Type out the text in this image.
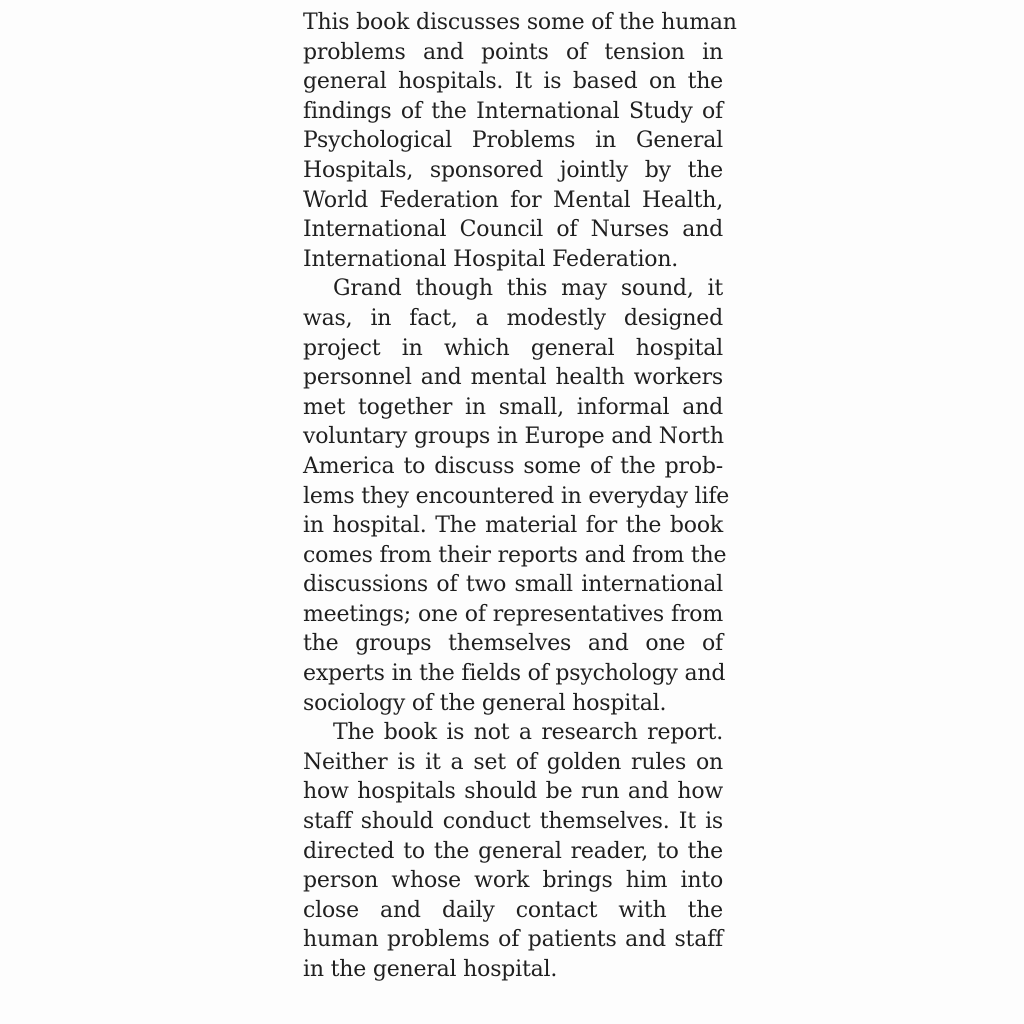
This book discusses some of the human
problems and points of tension in
general hospitals. It is based on the
findings of the International Study of
Psychological Problems in General
Hospitals, sponsored jointly by the
World Federation for Mental Health,
International Council of Nurses and
International Hospital Federation.

Grand though this may sound, it
was, in fact, a modestly designed
project in which general hospital
personnel and mental health workers
met together in small, informal and
voluntary groups in Europe and North
America to discuss some of the prob-
lems they encountered in everyday life
in hospital. The material for the book
comes from their reports and from the
discussions of two small international
meetings; one of representatives from
the groups themselves and one of
experts in the fields of psychology and
sociology of the general hospital.

The book is not a research report.
Neither is it a set of golden rules on
how hospitals should be run and how
staff should conduct themselves. It is
directed to the general reader, to the
person whose work brings him into
close and daily contact with the
human problems of patients and staff
in the general hospital.
